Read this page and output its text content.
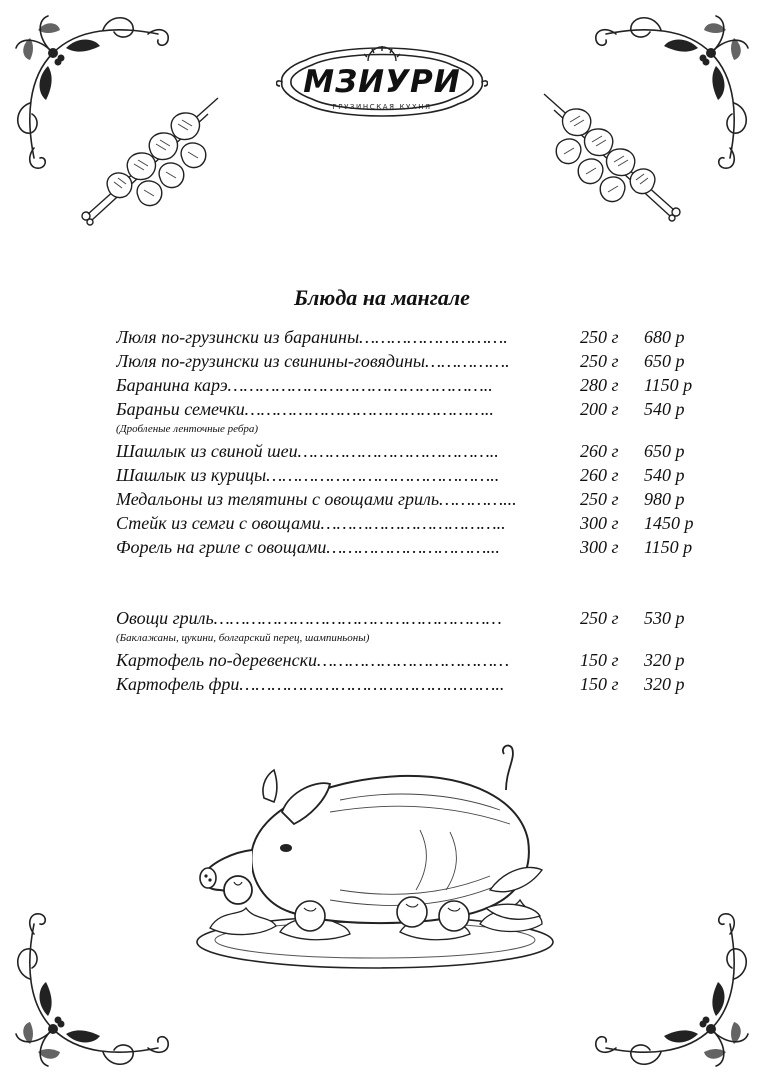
МЗИУРИ
ГРУЗИНСКАЯ КУХНЯ
Блюда на мангале
Люля по-грузински из баранины……………………….	250 г 680 р
Люля по-грузински из свинины-говядины…………….	250 г 650 р
Баранина карэ…………………………………………..	280 г 1150 р
Бараньи семечки………………………………………..	200 г 540 р
(Дробленые ленточные ребра)
Шашлык из свиной шеи………………………………..	260 г 650 р
Шашлык из курицы……………………………………..	260 г 540 р
Медальоны из телятины с овощами гриль…………...	250 г 980 р
Стейк из семги с овощами……………………………..	300 г 1450 р
Форель на гриле с овощами…………………………...	300 г 1150 р
Овощи гриль………………………………………………	250 г 530 р
(Баклажаны, цукини, болгарский перец, шампиньоны)
Картофель по-деревенски………………………………	150 г 320 р
Картофель фри…………………………………………..	150 г 320 р
